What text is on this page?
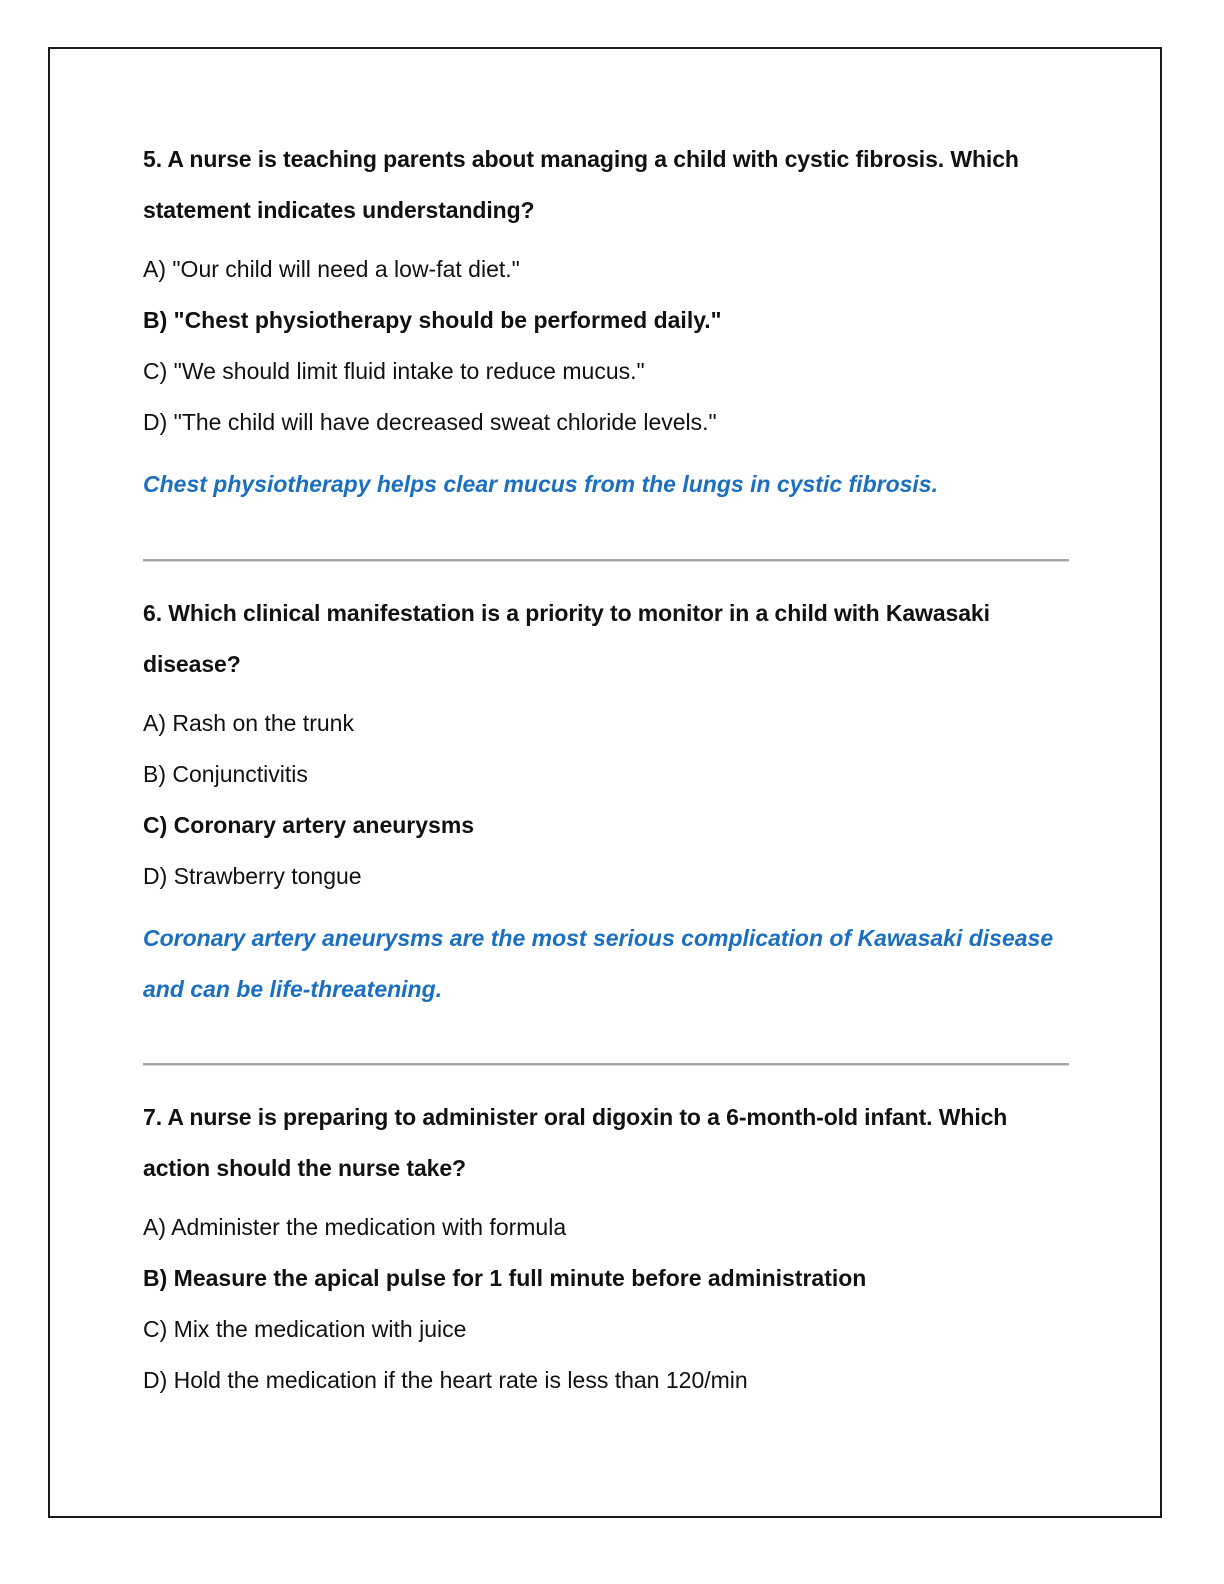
5. A nurse is teaching parents about managing a child with cystic fibrosis. Which statement indicates understanding?

A) "Our child will need a low-fat diet."
B) "Chest physiotherapy should be performed daily."
C) "We should limit fluid intake to reduce mucus."
D) "The child will have decreased sweat chloride levels."

Chest physiotherapy helps clear mucus from the lungs in cystic fibrosis.

6. Which clinical manifestation is a priority to monitor in a child with Kawasaki disease?

A) Rash on the trunk
B) Conjunctivitis
C) Coronary artery aneurysms
D) Strawberry tongue

Coronary artery aneurysms are the most serious complication of Kawasaki disease and can be life-threatening.

7. A nurse is preparing to administer oral digoxin to a 6-month-old infant. Which action should the nurse take?

A) Administer the medication with formula
B) Measure the apical pulse for 1 full minute before administration
C) Mix the medication with juice
D) Hold the medication if the heart rate is less than 120/min
